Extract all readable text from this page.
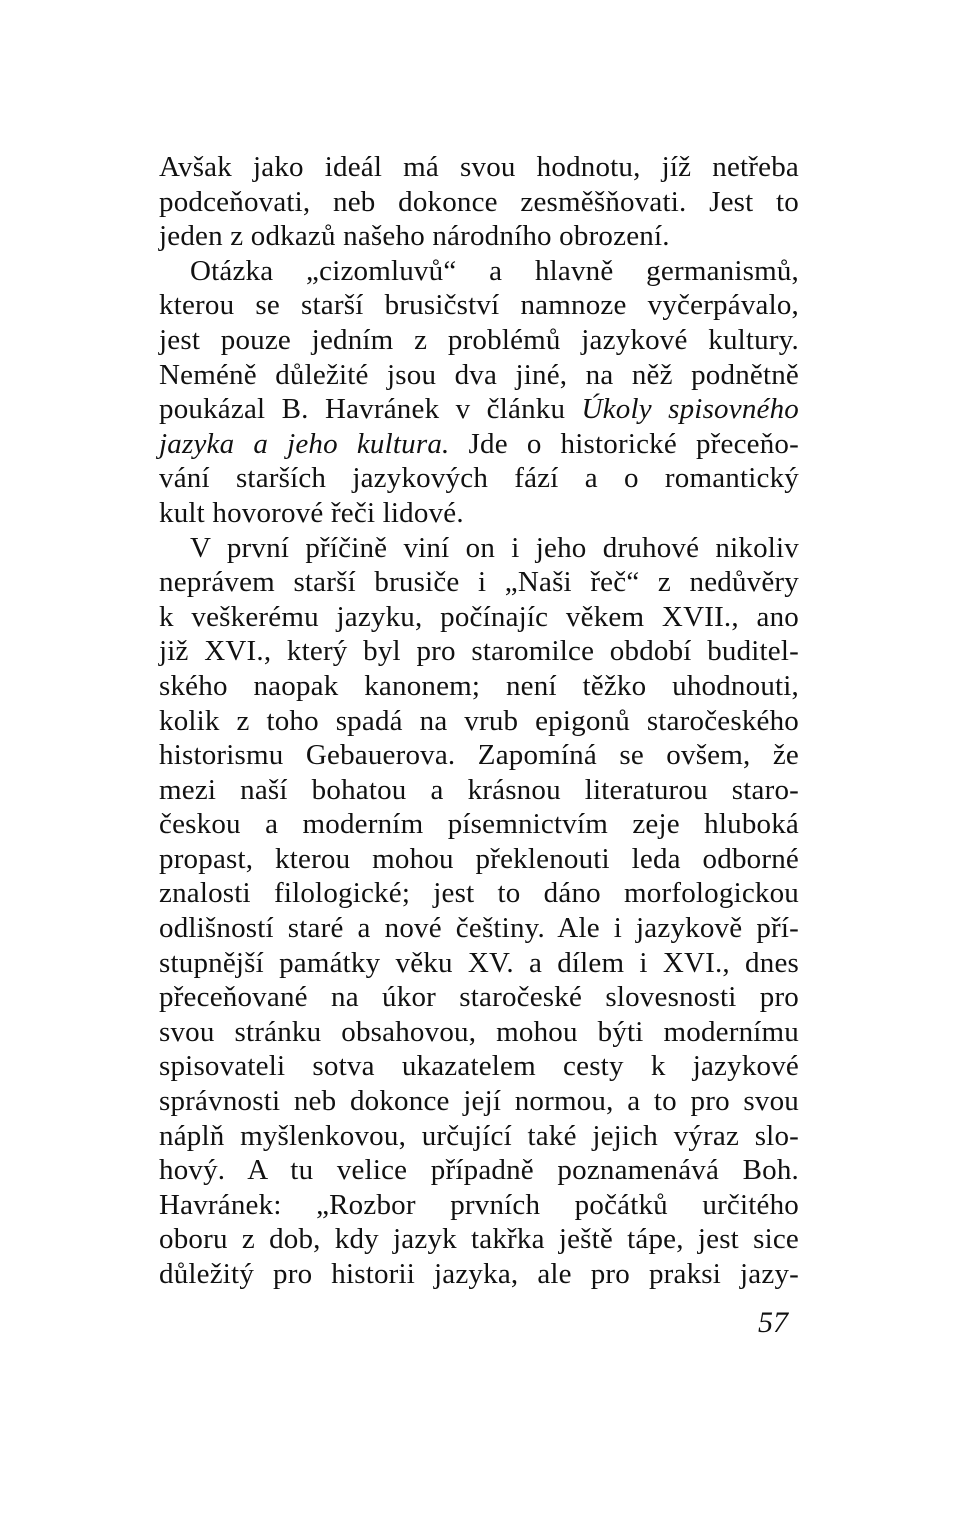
Avšak jako ideál má svou hodnotu, jíž netřeba
podceňovati, neb dokonce zesměšňovati. Jest to
jeden z odkazů našeho národního obrození.
Otázka „cizomluvů“ a hlavně germanismů,
kterou se starší brusičství namnoze vyčerpávalo,
jest pouze jedním z problémů jazykové kultury.
Neméně důležité jsou dva jiné, na něž podnětně
poukázal B. Havránek v článku Úkoly spisovného
jazyka a jeho kultura. Jde o historické přeceňo-
vání starších jazykových fází a o romantický
kult hovorové řeči lidové.
V první příčině viní on i jeho druhové nikoliv
neprávem starší brusiče i „Naši řeč“ z nedůvěry
k veškerému jazyku, počínajíc věkem XVII., ano
již XVI., který byl pro staromilce období buditel-
ského naopak kanonem; není těžko uhodnouti,
kolik z toho spadá na vrub epigonů staročeského
historismu Gebauerova. Zapomíná se ovšem, že
mezi naší bohatou a krásnou literaturou staro-
českou a moderním písemnictvím zeje hluboká
propast, kterou mohou překlenouti leda odborné
znalosti filologické; jest to dáno morfologickou
odlišností staré a nové češtiny. Ale i jazykově pří-
stupnější památky věku XV. a dílem i XVI., dnes
přeceňované na úkor staročeské slovesnosti pro
svou stránku obsahovou, mohou býti modernímu
spisovateli sotva ukazatelem cesty k jazykové
správnosti neb dokonce její normou, a to pro svou
náplň myšlenkovou, určující také jejich výraz slo-
hový. A tu velice případně poznamenává Boh.
Havránek: „Rozbor prvních počátků určitého
oboru z dob, kdy jazyk takřka ještě tápe, jest sice
důležitý pro historii jazyka, ale pro praksi jazy-
57
